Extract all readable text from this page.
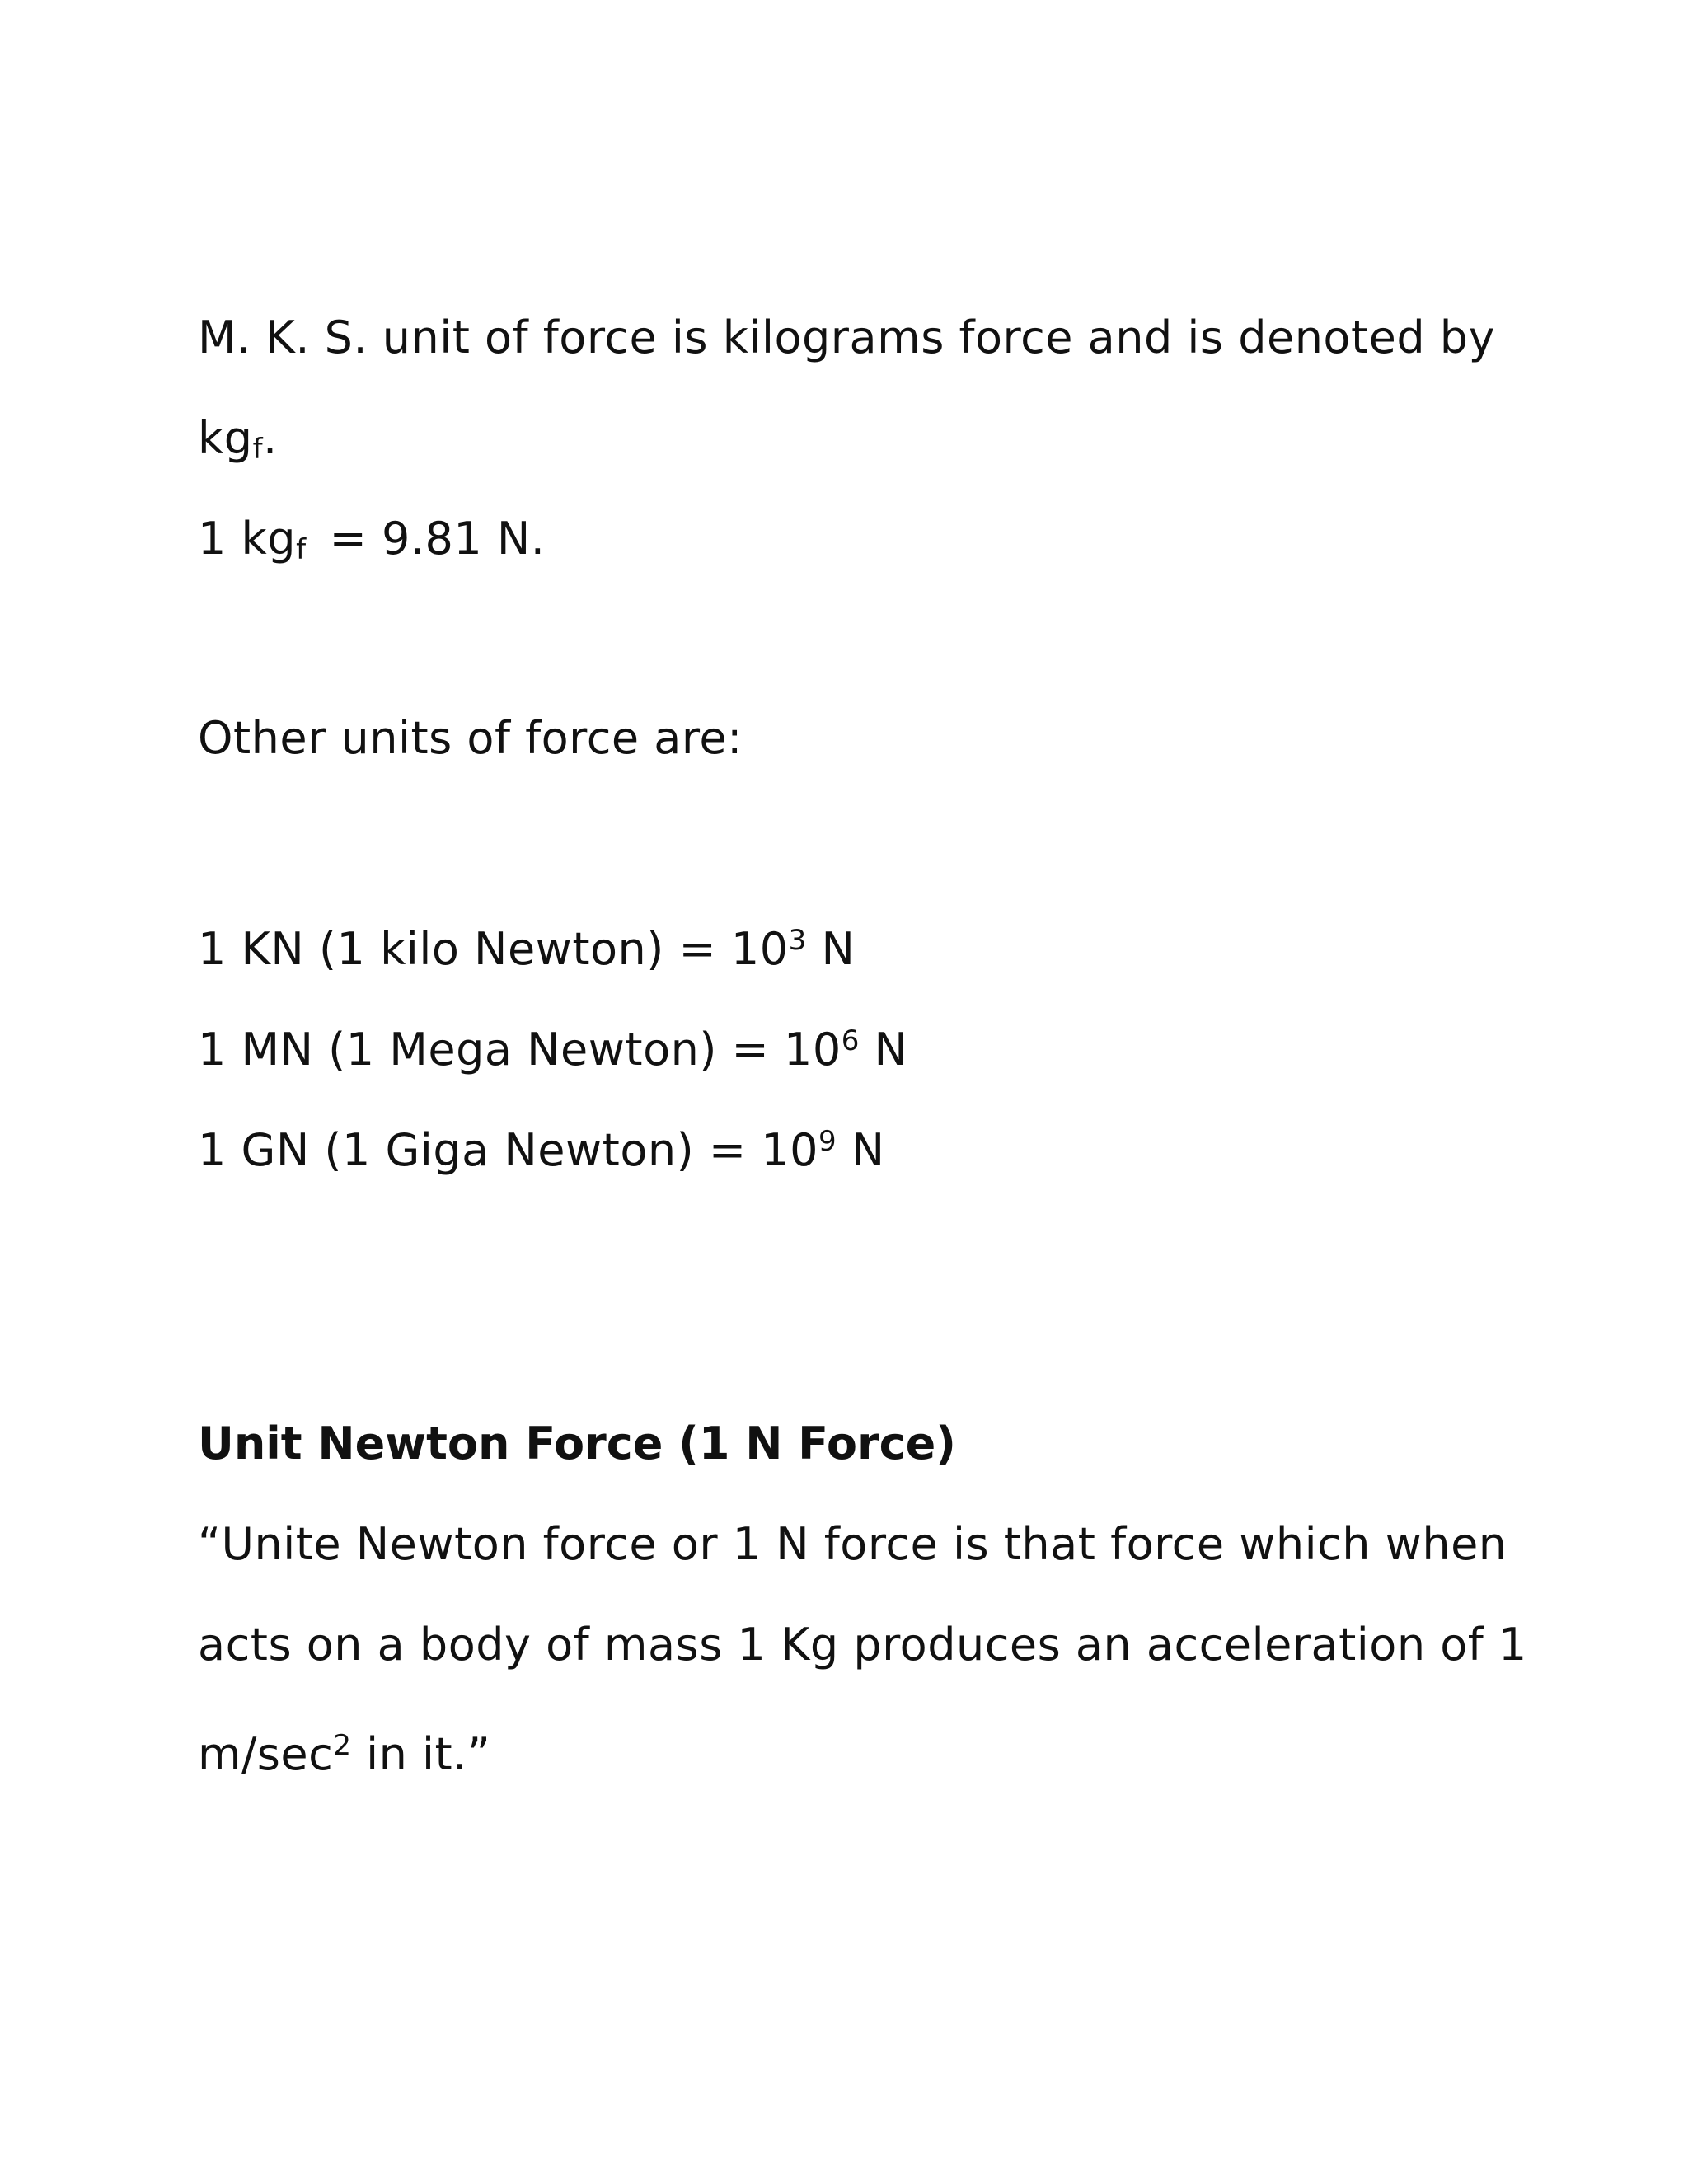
M. K. S. unit of force is kilograms force and is denoted by
kgf.
1 kgf = 9.81 N.
Other units of force are:
1 KN (1 kilo Newton) = $10^3$ N
1 MN (1 Mega Newton) = $10^6$ N
1 GN (1 Giga Newton) = $10^9$ N
Unit Newton Force (1 N Force)
“Unite Newton force or 1 N force is that force which when
acts on a body of mass 1 Kg produces an acceleration of 1
$m/\sec^2$ in it.”
